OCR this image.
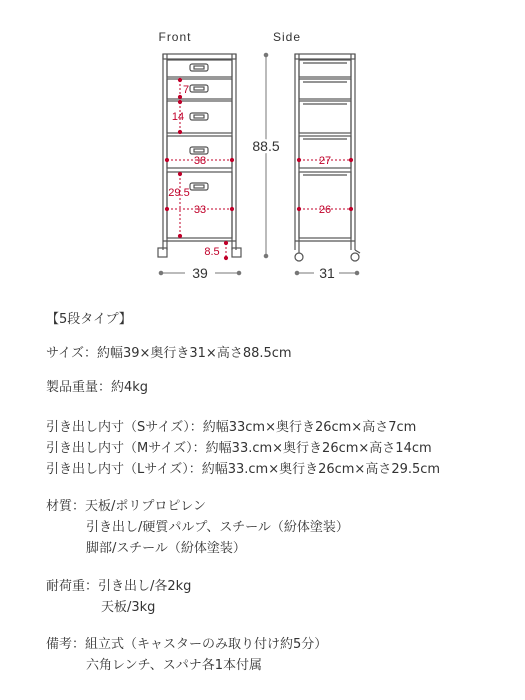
Front	Side
7
14
38
29.5
33
8.5
88.5
39
27
26
31
【5段タイプ】
サイズ：約幅39×奥行き31×高さ88.5cm
製品重量：約4kg
引き出し内寸（Sサイズ）：約幅33cm×奥行き26cm×高さ7cm
引き出し内寸（Mサイズ）：約幅33.cm×奥行き26cm×高さ14cm
引き出し内寸（Lサイズ）：約幅33.cm×奥行き26cm×高さ29.5cm
材質：天板/ポリプロピレン
引き出し/硬質パルプ、スチール（紛体塗装）
脚部/スチール（紛体塗装）
耐荷重：引き出し/各2kg
天板/3kg
備考：組立式（キャスターのみ取り付け約5分）
六角レンチ、スパナ各1本付属
